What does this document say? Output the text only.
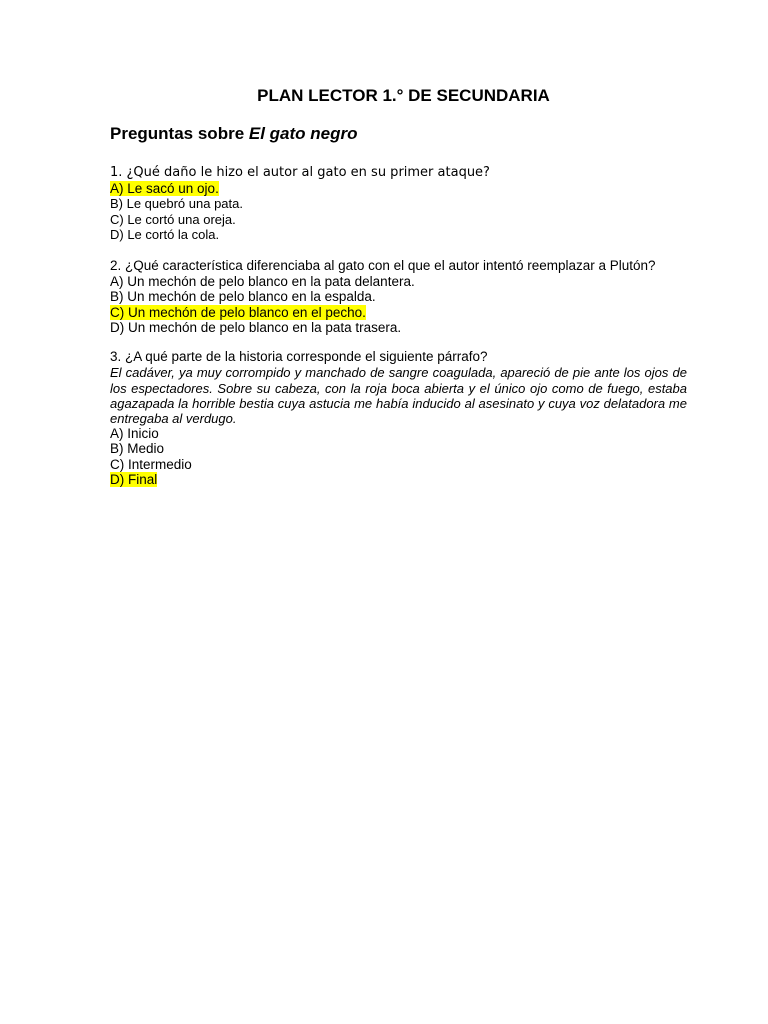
PLAN LECTOR 1.° DE SECUNDARIA
Preguntas sobre El gato negro
1. ¿Qué daño le hizo el autor al gato en su primer ataque?
A) Le sacó un ojo.
B) Le quebró una pata.
C) Le cortó una oreja.
D) Le cortó la cola.
2. ¿Qué característica diferenciaba al gato con el que el autor intentó reemplazar a Plutón?
A) Un mechón de pelo blanco en la pata delantera.
B) Un mechón de pelo blanco en la espalda.
C) Un mechón de pelo blanco en el pecho.
D) Un mechón de pelo blanco en la pata trasera.
3. ¿A qué parte de la historia corresponde el siguiente párrafo?
El cadáver, ya muy corrompido y manchado de sangre coagulada, apareció de pie ante los ojos de los espectadores. Sobre su cabeza, con la roja boca abierta y el único ojo como de fuego, estaba agazapada la horrible bestia cuya astucia me había inducido al asesinato y cuya voz delatadora me entregaba al verdugo.
A) Inicio
B) Medio
C) Intermedio
D) Final
